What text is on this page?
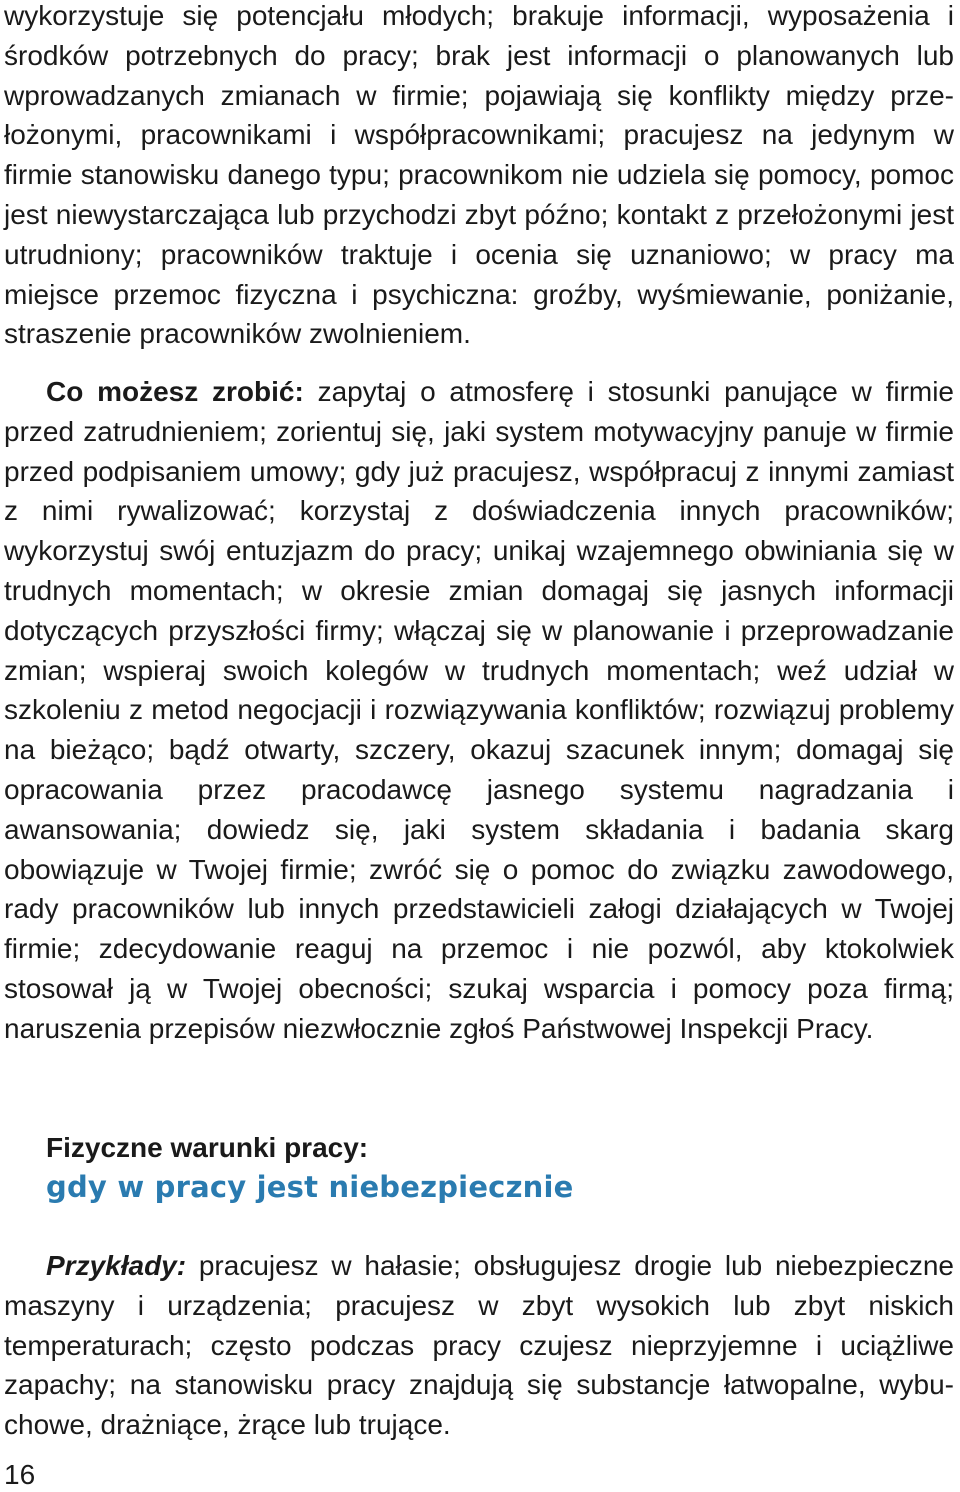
wykorzystuje się potencjału młodych; brakuje informacji, wyposażenia i środków potrzebnych do pracy; brak jest informacji o planowanych lub wprowadzanych zmianach w firmie; pojawiają się konflikty między przełożonymi, pracownikami i współpracownikami; pracujesz na jedynym w firmie stanowisku danego typu; pracownikom nie udziela się pomocy, pomoc jest niewystarczająca lub przychodzi zbyt późno; kontakt z przełożonymi jest utrudniony; pracowników traktuje i ocenia się uznaniowo; w pracy ma miejsce przemoc fizyczna i psychiczna: groźby, wyśmiewanie, poniżanie, straszenie pracowników zwolnieniem.

Co możesz zrobić: zapytaj o atmosferę i stosunki panujące w firmie przed zatrudnieniem; zorientuj się, jaki system motywacyjny panuje w firmie przed podpisaniem umowy; gdy już pracujesz, współpracuj z innymi zamiast z nimi rywalizować; korzystaj z doświadczenia innych pracowników; wykorzystuj swój entuzjazm do pracy; unikaj wzajemnego obwiniania się w trudnych momentach; w okresie zmian domagaj się jasnych informacji dotyczących przyszłości firmy; włączaj się w planowanie i przeprowadzanie zmian; wspieraj swoich kolegów w trudnych momentach; weź udział w szkoleniu z metod negocjacji i rozwiązywania konfliktów; rozwiązuj problemy na bieżąco; bądź otwarty, szczery, okazuj szacunek innym; domagaj się opracowania przez pracodawcę jasnego systemu nagradzania i awansowania; dowiedz się, jaki system składania i badania skarg obowiązuje w Twojej firmie; zwróć się o pomoc do związku zawodowego, rady pracowników lub innych przedstawicieli załogi działających w Twojej firmie; zdecydowanie reaguj na przemoc i nie pozwól, aby ktokolwiek stosował ją w Twojej obecności; szukaj wsparcia i pomocy poza firmą; naruszenia przepisów niezwłocznie zgłoś Państwowej Inspekcji Pracy.

Fizyczne warunki pracy:
gdy w pracy jest niebezpiecznie

Przykłady: pracujesz w hałasie; obsługujesz drogie lub niebezpieczne maszyny i urządzenia; pracujesz w zbyt wysokich lub zbyt niskich temperaturach; często podczas pracy czujesz nieprzyjemne i uciążliwe zapachy; na stanowisku pracy znajdują się substancje łatwopalne, wybuchowe, drażniące, żrące lub trujące.

16
